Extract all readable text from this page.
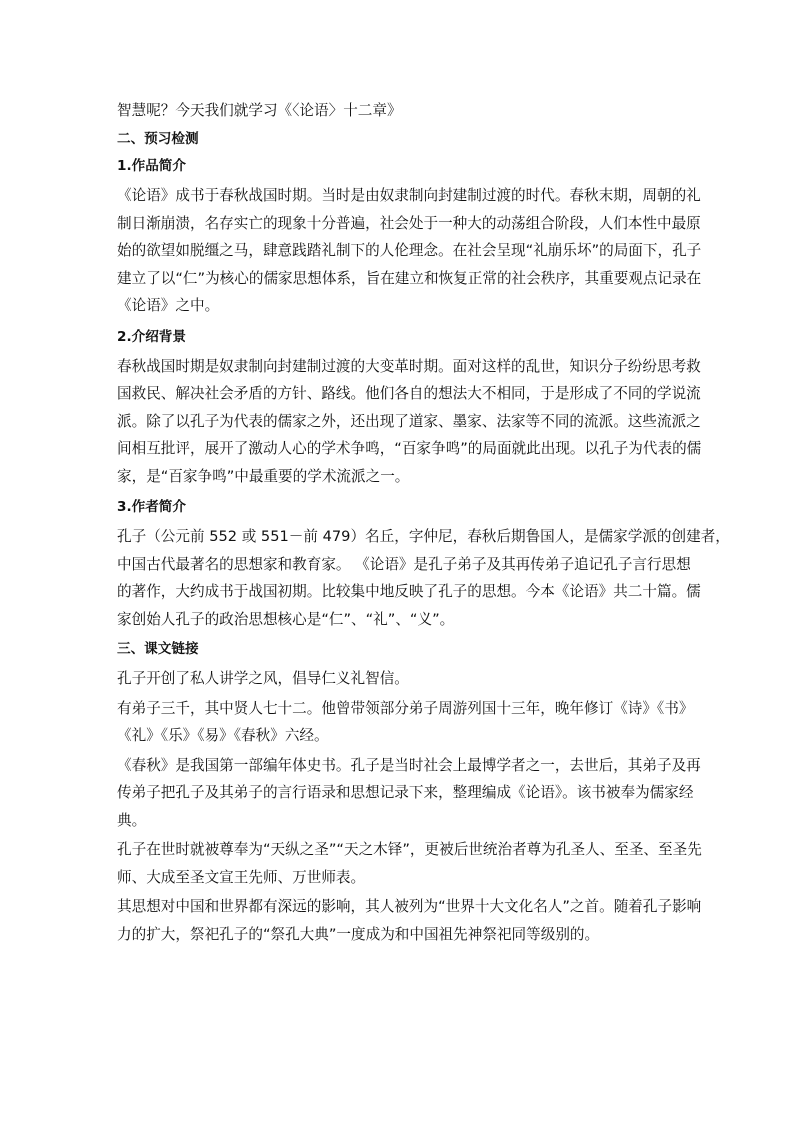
智慧呢？今天我们就学习《〈论语〉十二章》
二、预习检测
1.作品简介
《论语》成书于春秋战国时期。当时是由奴隶制向封建制过渡的时代。春秋末期，周朝的礼
制日渐崩溃，名存实亡的现象十分普遍，社会处于一种大的动荡组合阶段，人们本性中最原
始的欲望如脱缰之马，肆意践踏礼制下的人伦理念。在社会呈现“礼崩乐坏”的局面下，孔子
建立了以“仁”为核心的儒家思想体系，旨在建立和恢复正常的社会秩序，其重要观点记录在
《论语》之中。
2.介绍背景
春秋战国时期是奴隶制向封建制过渡的大变革时期。面对这样的乱世，知识分子纷纷思考救
国救民、解决社会矛盾的方针、路线。他们各自的想法大不相同，于是形成了不同的学说流
派。除了以孔子为代表的儒家之外，还出现了道家、墨家、法家等不同的流派。这些流派之
间相互批评，展开了激动人心的学术争鸣，“百家争鸣”的局面就此出现。以孔子为代表的儒
家，是“百家争鸣”中最重要的学术流派之一。
3.作者简介
孔子（公元前 552 或 551－前 479）名丘，字仲尼，春秋后期鲁国人，是儒家学派的创建者，
中国古代最著名的思想家和教育家。 《论语》是孔子弟子及其再传弟子追记孔子言行思想
的著作，大约成书于战国初期。比较集中地反映了孔子的思想。今本《论语》共二十篇。儒
家创始人孔子的政治思想核心是“仁”、“礼”、“义”。
三、课文链接
孔子开创了私人讲学之风，倡导仁义礼智信。
有弟子三千，其中贤人七十二。他曾带领部分弟子周游列国十三年，晚年修订《诗》《书》
《礼》《乐》《易》《春秋》六经。
《春秋》是我国第一部编年体史书。孔子是当时社会上最博学者之一，去世后，其弟子及再
传弟子把孔子及其弟子的言行语录和思想记录下来，整理编成《论语》。该书被奉为儒家经
典。
孔子在世时就被尊奉为“天纵之圣”“天之木铎”，更被后世统治者尊为孔圣人、至圣、至圣先
师、大成至圣文宣王先师、万世师表。
其思想对中国和世界都有深远的影响，其人被列为“世界十大文化名人”之首。随着孔子影响
力的扩大，祭祀孔子的“祭孔大典”一度成为和中国祖先神祭祀同等级别的。
